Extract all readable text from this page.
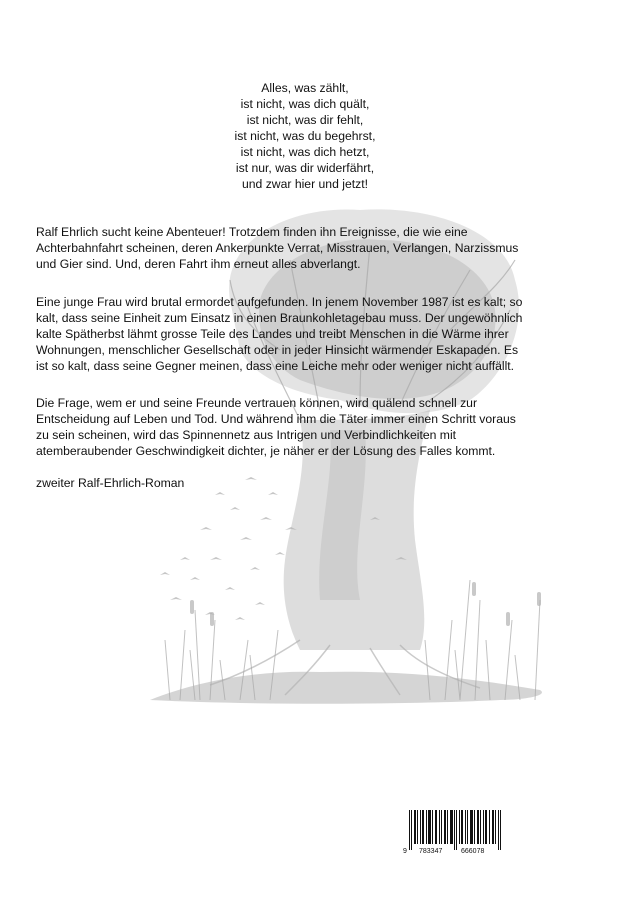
Alles, was zählt,
ist nicht, was dich quält,
ist nicht, was dir fehlt,
ist nicht, was du begehrst,
ist nicht, was dich hetzt,
ist nur, was dir widerfährt,
und zwar hier und jetzt!
Ralf Ehrlich sucht keine Abenteuer! Trotzdem finden ihn Ereignisse, die wie eine
Achterbahnfahrt scheinen, deren Ankerpunkte Verrat, Misstrauen, Verlangen, Narzissmus
und Gier sind. Und, deren Fahrt ihm erneut alles abverlangt.
Eine junge Frau wird brutal ermordet aufgefunden. In jenem November 1987 ist es kalt; so
kalt, dass seine Einheit zum Einsatz in einen Braunkohletagebau muss. Der ungewöhnlich
kalte Spätherbst lähmt grosse Teile des Landes und treibt Menschen in die Wärme ihrer
Wohnungen, menschlicher Gesellschaft oder in jeder Hinsicht wärmender Eskapaden. Es
ist so kalt, dass seine Gegner meinen, dass eine Leiche mehr oder weniger nicht auffällt.
Die Frage, wem er und seine Freunde vertrauen können, wird quälend schnell zur
Entscheidung auf Leben und Tod. Und während ihm die Täter immer einen Schritt voraus
zu sein scheinen, wird das Spinnennetz aus Intrigen und Verbindlichkeiten mit
atemberaubender Geschwindigkeit dichter, je näher er der Lösung des Falles kommt.
zweiter Ralf-Ehrlich-Roman
9 783347	666078
